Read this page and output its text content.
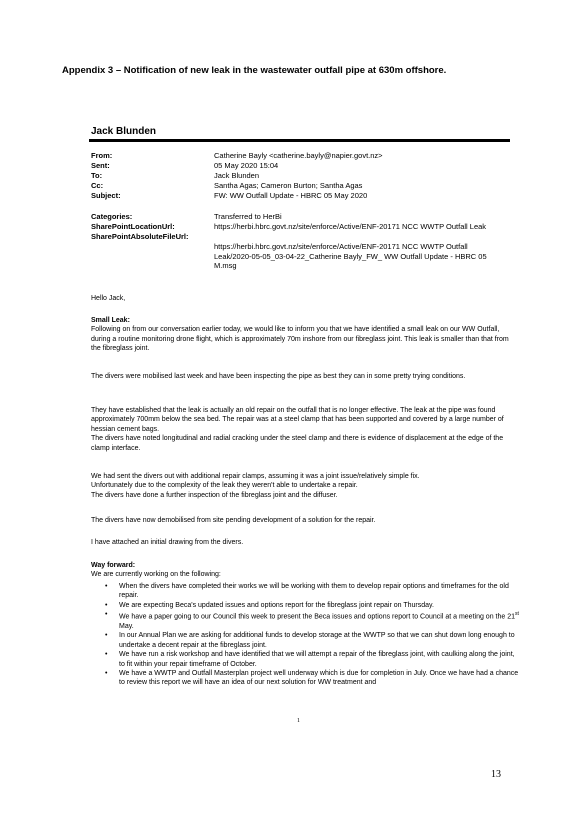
Appendix 3 – Notification of new leak in the wastewater outfall pipe at 630m offshore.
Jack Blunden
From:	Catherine Bayly <catherine.bayly@napier.govt.nz>
Sent:	05 May 2020 15:04
To:	Jack Blunden
Cc:	Santha Agas; Cameron Burton; Santha Agas
Subject:	FW: WW Outfall Update - HBRC 05 May 2020
Categories:	Transferred to HerBi
SharePointLocationUrl:	https://herbi.hbrc.govt.nz/site/enforce/Active/ENF-20171 NCC WWTP Outfall Leak
SharePointAbsoluteFileUrl:
https://herbi.hbrc.govt.nz/site/enforce/Active/ENF-20171 NCC WWTP Outfall Leak/2020-05-05_03-04-22_Catherine Bayly_FW_ WW Outfall Update - HBRC 05 M.msg
Hello Jack,
Small Leak:
Following on from our conversation earlier today, we would like to inform you that we have identified a small leak on our WW Outfall, during a routine monitoring drone flight, which is approximately 70m inshore from our fibreglass joint. This leak is smaller than that from the fibreglass joint.
The divers were mobilised last week and have been inspecting the pipe as best they can in some pretty trying conditions.
They have established that the leak is actually an old repair on the outfall that is no longer effective. The leak at the pipe was found approximately 700mm below the sea bed. The repair was at a steel clamp that has been supported and covered by a large number of hessian cement bags.
The divers have noted longitudinal and radial cracking under the steel clamp and there is evidence of displacement at the edge of the clamp interface.
We had sent the divers out with additional repair clamps, assuming it was a joint issue/relatively simple fix.
Unfortunately due to the complexity of the leak they weren't able to undertake a repair.
The divers have done a further inspection of the fibreglass joint and the diffuser.
The divers have now demobilised from site pending development of a solution for the repair.
I have attached an initial drawing from the divers.
Way forward:
We are currently working on the following:
• When the divers have completed their works we will be working with them to develop repair options and timeframes for the old repair.
• We are expecting Beca's updated issues and options report for the fibreglass joint repair on Thursday.
• We have a paper going to our Council this week to present the Beca issues and options report to Council at a meeting on the 21st May.
• In our Annual Plan we are asking for additional funds to develop storage at the WWTP so that we can shut down long enough to undertake a decent repair at the fibreglass joint.
• We have run a risk workshop and have identified that we will attempt a repair of the fibreglass joint, with caulking along the joint, to fit within your repair timeframe of October.
• We have a WWTP and Outfall Masterplan project well underway which is due for completion in July. Once we have had a chance to review this report we will have an idea of our next solution for WW treatment and
1
13
